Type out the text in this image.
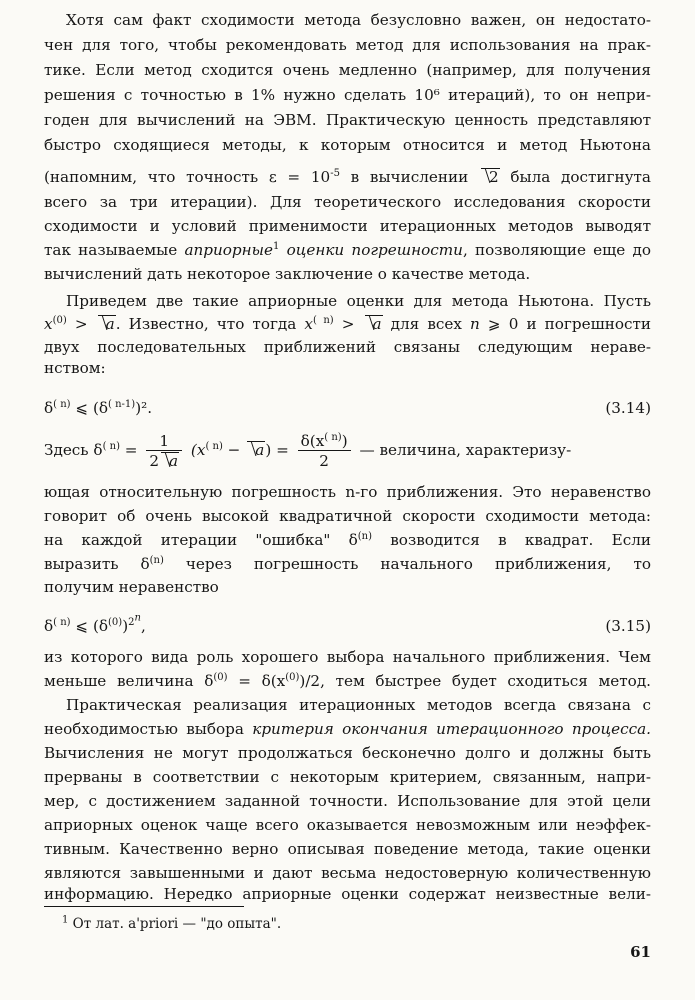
Хотя сам факт сходимости метода безусловно важен, он недостато-
чен для того, чтобы рекомендовать метод для использования на прак-
тике. Если метод сходится очень медленно (например, для получения
решения с точностью в 1% нужно сделать 10⁶ итераций), то он непри-
годен для вычислений на ЭВМ. Практическую ценность представляют
быстро сходящиеся методы, к которым относится и метод Ньютона
(напомним, что точность $\varepsilon = 10^{-5}$ в вычислении 2 была достигнута
всего за три итерации). Для теоретического исследования скорости
сходимости и условий применимости итерационных методов выводят
так называемые априорные$^1$ оценки погрешности, позволяющие еще до
вычислений дать некоторое заключение о качестве метода.
Приведем две такие априорные оценки для метода Ньютона. Пусть
$x^{(0)} > a$. Известно, что тогда $x^{( n)} > a$ для всех n ⩾ 0 и погрешности
двух последовательных приближений связаны следующим нераве-
нством:
$\delta^{( n)}$ ⩽ $(\delta^{( n-1)})^2$.	(3.14)
Здесь $\delta^{( n)} = \frac{1}{2 a} (x^{( n)} - a) = \frac{\delta(x^{( n)})}{2}$ — величина, характеризу-
ющая относительную погрешность n-го приближения. Это неравенство
говорит об очень высокой квадратичной скорости сходимости метода:
на каждой итерации "ошибка" $\delta^{(n)}$ возводится в квадрат. Если
выразить $\delta^{(n)}$ через погрешность начального приближения, то
получим неравенство
$\delta^{( n)}$ ⩽ $(\delta^{(0)})^{2^n}$,	(3.15)
из которого вида роль хорошего выбора начального приближения. Чем
меньше величина $\delta^{(0)} = \delta(x^{(0)})/2$, тем быстрее будет сходиться метод.
Практическая реализация итерационных методов всегда связана с
необходимостью выбора критерия окончания итерационного процесса.
Вычисления не могут продолжаться бесконечно долго и должны быть
прерваны в соответствии с некоторым критерием, связанным, напри-
мер, с достижением заданной точности. Использование для этой цели
априорных оценок чаще всего оказывается невозможным или неэффек-
тивным. Качественно верно описывая поведение метода, такие оценки
являются завышенными и дают весьма недостоверную количественную
информацию. Нередко априорные оценки содержат неизвестные вели-
$^1$ От лат. a'priori — "до опыта".
61
